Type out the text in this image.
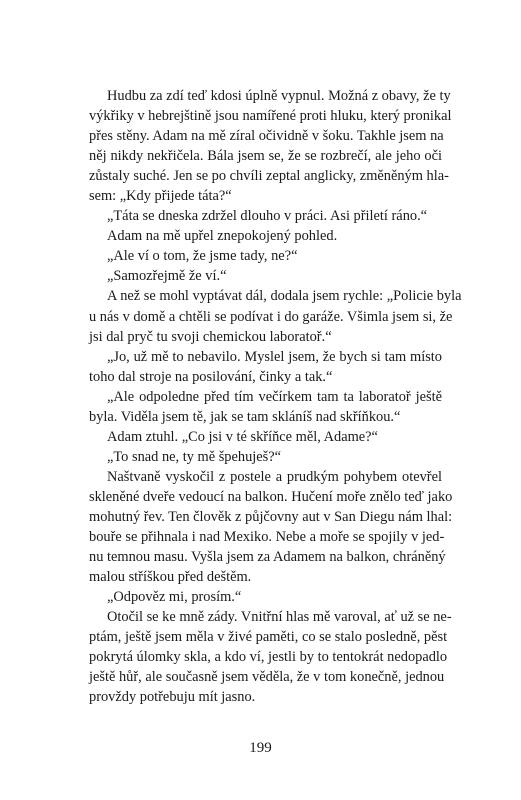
Hudbu za zdí teď kdosi úplně vypnul. Možná z obavy, že ty
výkřiky v hebrejštině jsou namířené proti hluku, který pronikal
přes stěny. Adam na mě zíral očividně v šoku. Takhle jsem na
něj nikdy nekřičela. Bála jsem se, že se rozbrečí, ale jeho oči
zůstaly suché. Jen se po chvíli zeptal anglicky, změněným hla-
sem: „Kdy přijede táta?“
„Táta se dneska zdržel dlouho v práci. Asi přiletí ráno.“
Adam na mě upřel znepokojený pohled.
„Ale ví o tom, že jsme tady, ne?“
„Samozřejmě že ví.“
A než se mohl vyptávat dál, dodala jsem rychle: „Policie byla
u nás v domě a chtěli se podívat i do garáže. Všimla jsem si, že
jsi dal pryč tu svoji chemickou laboratoř.“
„Jo, už mě to nebavilo. Myslel jsem, že bych si tam místo
toho dal stroje na posilování, činky a tak.“
„Ale odpoledne před tím večírkem tam ta laboratoř ještě
byla. Viděla jsem tě, jak se tam skláníš nad skříňkou.“
Adam ztuhl. „Co jsi v té skříňce měl, Adame?“
„To snad ne, ty mě špehuješ?“
Naštvaně vyskočil z postele a prudkým pohybem otevřel
skleněné dveře vedoucí na balkon. Hučení moře znělo teď jako
mohutný řev. Ten člověk z půjčovny aut v San Diegu nám lhal:
bouře se přihnala i nad Mexiko. Nebe a moře se spojily v jed-
nu temnou masu. Vyšla jsem za Adamem na balkon, chráněný
malou stříškou před deštěm.
„Odpověz mi, prosím.“
Otočil se ke mně zády. Vnitřní hlas mě varoval, ať už se ne-
ptám, ještě jsem měla v živé paměti, co se stalo posledně, pěst
pokrytá úlomky skla, a kdo ví, jestli by to tentokrát nedopadlo
ještě hůř, ale současně jsem věděla, že v tom konečně, jednou
provždy potřebuju mít jasno.
199
